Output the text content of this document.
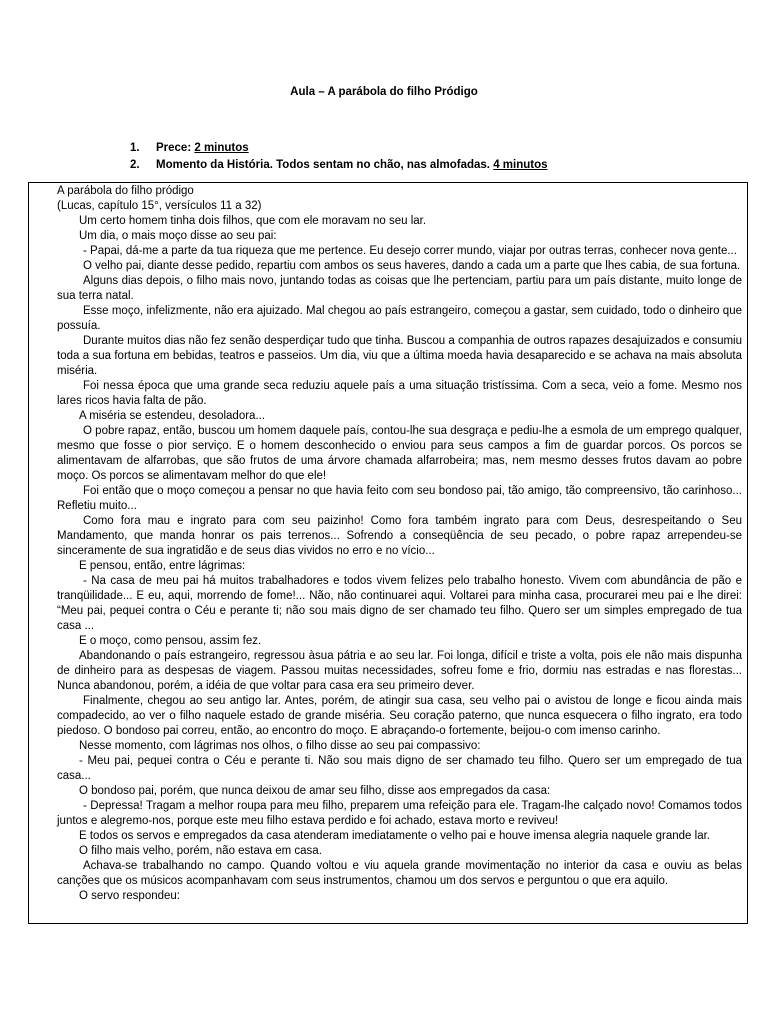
Aula – A parábola do filho Pródigo
1. Prece: 2 minutos
2. Momento da História. Todos sentam no chão, nas almofadas. 4 minutos

A parábola do filho pródigo

(Lucas, capítulo 15°, versículos 11 a 32)

Um certo homem tinha dois filhos, que com ele moravam no seu lar.

Um dia, o mais moço disse ao seu pai:

- Papai, dá-me a parte da tua riqueza que me pertence. Eu desejo correr mundo, viajar por outras terras, conhecer nova gente...

O velho pai, diante desse pedido, repartiu com ambos os seus haveres, dando a cada um a parte que lhes cabia, de sua fortuna.

Alguns dias depois, o filho mais novo, juntando todas as coisas que lhe pertenciam, partiu para um país distante, muito longe de sua terra natal.

Esse moço, infelizmente, não era ajuizado. Mal chegou ao país estrangeiro, começou a gastar, sem cuidado, todo o dinheiro que possuía.

Durante muitos dias não fez senão desperdiçar tudo que tinha. Buscou a companhia de outros rapazes desajuizados e consumiu toda a sua fortuna em bebidas, teatros e passeios. Um dia, viu que a última moeda havia desaparecido e se achava na mais absoluta miséria.

Foi nessa época que uma grande seca reduziu aquele país a uma situação tristíssima. Com a seca, veio a fome. Mesmo nos lares ricos havia falta de pão.

A miséria se estendeu, desoladora...

O pobre rapaz, então, buscou um homem daquele país, contou-lhe sua desgraça e pediu-lhe a esmola de um emprego qualquer, mesmo que fosse o pior serviço. E o homem desconhecido o enviou para seus campos a fim de guardar porcos. Os porcos se alimentavam de alfarrobas, que são frutos de uma árvore chamada alfarrobeira; mas, nem mesmo desses frutos davam ao pobre moço. Os porcos se alimentavam melhor do que ele!

Foi então que o moço começou a pensar no que havia feito com seu bondoso pai, tão amigo, tão compreensivo, tão carinhoso... Refletiu muito...

Como fora mau e ingrato para com seu paizinho! Como fora também ingrato para com Deus, desrespeitando o Seu Mandamento, que manda honrar os pais terrenos... Sofrendo a conseqüência de seu pecado, o pobre rapaz arrependeu-se sinceramente de sua ingratidão e de seus dias vividos no erro e no vício...

E pensou, então, entre lágrimas:

- Na casa de meu pai há muitos trabalhadores e todos vivem felizes pelo trabalho honesto. Vivem com abundância de pão e tranqüilidade... E eu, aqui, morrendo de fome!... Não, não continuarei aqui. Voltarei para minha casa, procurarei meu pai e lhe direi: “Meu pai, pequei contra o Céu e perante ti; não sou mais digno de ser chamado teu filho. Quero ser um simples empregado de tua casa ...

E o moço, como pensou, assim fez.

Abandonando o país estrangeiro, regressou àsua pátria e ao seu lar. Foi longa, difícil e triste a volta, pois ele não mais dispunha de dinheiro para as despesas de viagem. Passou muitas necessidades, sofreu fome e frio, dormiu nas estradas e nas florestas... Nunca abandonou, porém, a idéia de que voltar para casa era seu primeiro dever.

Finalmente, chegou ao seu antigo lar. Antes, porém, de atingir sua casa, seu velho pai o avistou de longe e ficou ainda mais compadecido, ao ver o filho naquele estado de grande miséria. Seu coração paterno, que nunca esquecera o filho ingrato, era todo piedoso. O bondoso pai correu, então, ao encontro do moço. E abraçando-o fortemente, beijou-o com imenso carinho.

Nesse momento, com lágrimas nos olhos, o filho disse ao seu pai compassivo:

- Meu pai, pequei contra o Céu e perante ti. Não sou mais digno de ser chamado teu filho. Quero ser um empregado de tua casa...

O bondoso pai, porém, que nunca deixou de amar seu filho, disse aos empregados da casa:

- Depressa! Tragam a melhor roupa para meu filho, preparem uma refeição para ele. Tragam-lhe calçado novo! Comamos todos juntos e alegremo-nos, porque este meu filho estava perdido e foi achado, estava morto e reviveu!

E todos os servos e empregados da casa atenderam imediatamente o velho pai e houve imensa alegria naquele grande lar.

O filho mais velho, porém, não estava em casa.

Achava-se trabalhando no campo. Quando voltou e viu aquela grande movimentação no interior da casa e ouviu as belas canções que os músicos acompanhavam com seus instrumentos, chamou um dos servos e perguntou o que era aquilo.

O servo respondeu:
